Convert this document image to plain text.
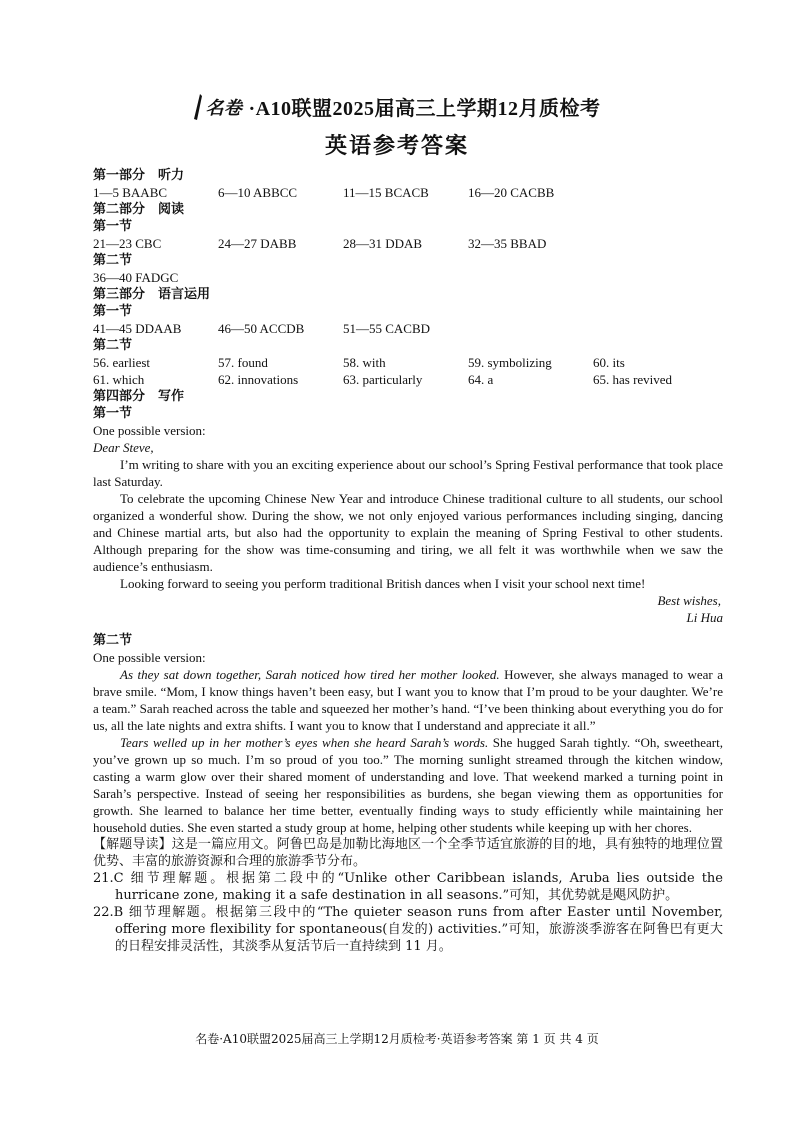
名卷 ·A10联盟2025届高三上学期12月质检考
英语参考答案
第一部分　听力
1—5 BAABC	6—10 ABBCC	11—15 BCACB	16—20 CACBB
第二部分　阅读
第一节
21—23 CBC	24—27 DABB	28—31 DDAB	32—35 BBAD
第二节
36—40 FADGC
第三部分　语言运用
第一节
41—45 DDAAB	46—50 ACCDB	51—55 CACBD
第二节
56. earliest	57. found	58. with	59. symbolizing	60. its
61. which	62. innovations	63. particularly	64. a	65. has revived
第四部分　写作
第一节
One possible version:
Dear Steve,

I’m writing to share with you an exciting experience about our school’s Spring Festival performance that took place last Saturday.

To celebrate the upcoming Chinese New Year and introduce Chinese traditional culture to all students, our school organized a wonderful show. During the show, we not only enjoyed various performances including singing, dancing and Chinese martial arts, but also had the opportunity to explain the meaning of Spring Festival to other students. Although preparing for the show was time-consuming and tiring, we all felt it was worthwhile when we saw the audience’s enthusiasm.

Looking forward to seeing you perform traditional British dances when I visit your school next time!

Best wishes,
Li Hua
第二节
One possible version:

As they sat down together, Sarah noticed how tired her mother looked. However, she always managed to wear a brave smile. “Mom, I know things haven’t been easy, but I want you to know that I’m proud to be your daughter. We’re a team.” Sarah reached across the table and squeezed her mother’s hand. “I’ve been thinking about everything you do for us, all the late nights and extra shifts. I want you to know that I understand and appreciate it all.”

Tears welled up in her mother’s eyes when she heard Sarah’s words. She hugged Sarah tightly. “Oh, sweetheart, you’ve grown up so much. I’m so proud of you too.” The morning sunlight streamed through the kitchen window, casting a warm glow over their shared moment of understanding and love. That weekend marked a turning point in Sarah’s perspective. Instead of seeing her responsibilities as burdens, she began viewing them as opportunities for growth. She learned to balance her time better, eventually finding ways to study efficiently while maintaining her household duties. She even started a study group at home, helping other students while keeping up with her chores.

【解题导读】这是一篇应用文。阿鲁巴岛是加勒比海地区一个全季节适宜旅游的目的地，具有独特的地理位置优势、丰富的旅游资源和合理的旅游季节分布。

21.C 细节理解题。根据第二段中的“Unlike other Caribbean islands, Aruba lies outside the hurricane zone, making it a safe destination in all seasons.”可知，其优势就是飓风防护。

22.B 细节理解题。根据第三段中的“The quieter season runs from after Easter until November, offering more flexibility for spontaneous(自发的) activities.”可知，旅游淡季游客在阿鲁巴有更大的日程安排灵活性，其淡季从复活节后一直持续到 11 月。

名卷·A10联盟2025届高三上学期12月质检考·英语参考答案 第 1 页 共 4 页
